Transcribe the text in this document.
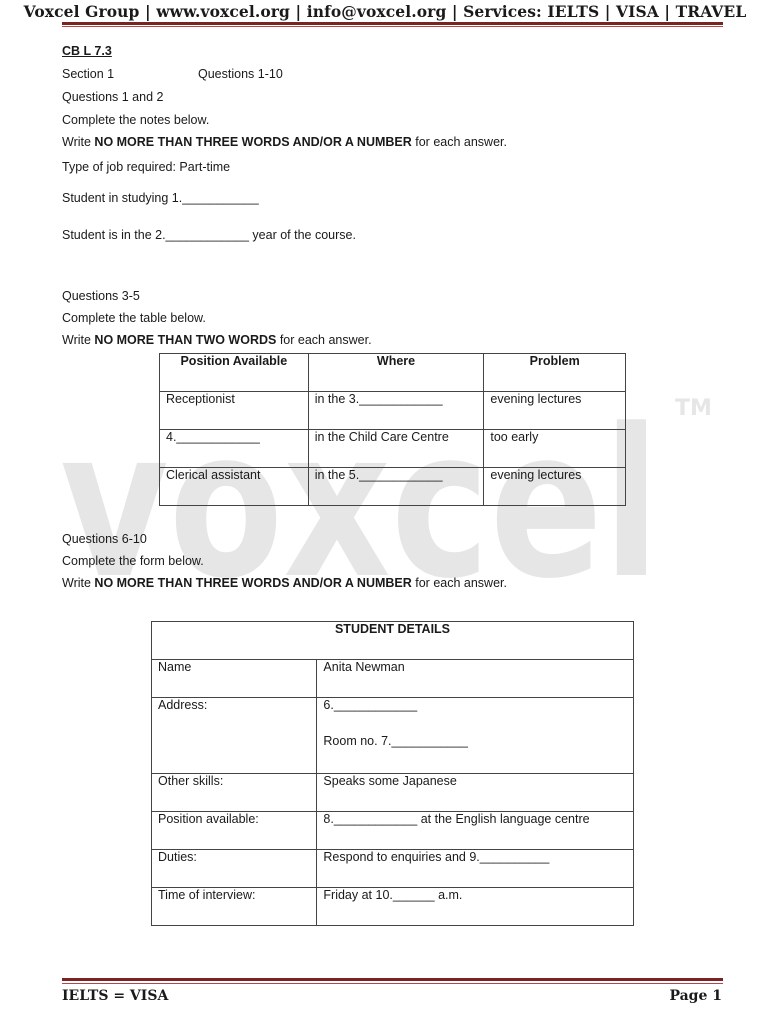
Voxcel Group | www.voxcel.org | info@voxcel.org | Services: IELTS | VISA | TRAVEL
voxcel TM
CB L 7.3
Section 1	Questions 1-10
Questions 1 and 2
Complete the notes below.
Write NO MORE THAN THREE WORDS AND/OR A NUMBER for each answer.
Type of job required: Part-time
Student in studying 1.___________
Student is in the 2.____________ year of the course.
Questions 3-5
Complete the table below.
Write NO MORE THAN TWO WORDS for each answer.
Position Available	Where	Problem
Receptionist	in the 3.____________	evening lectures
4.____________	in the Child Care Centre	too early
Clerical assistant	in the 5.____________	evening lectures
Questions 6-10
Complete the form below.
Write NO MORE THAN THREE WORDS AND/OR A NUMBER for each answer.
STUDENT DETAILS	
Name	Anita Newman
Address:	6.____________
Room no. 7.___________

Other skills:	Speaks some Japanese
Position available:	8.____________ at the English language centre
Duties:	Respond to enquiries and 9.__________
Time of interview:	Friday at 10.______ a.m.
IELTS = VISA	Page 1
